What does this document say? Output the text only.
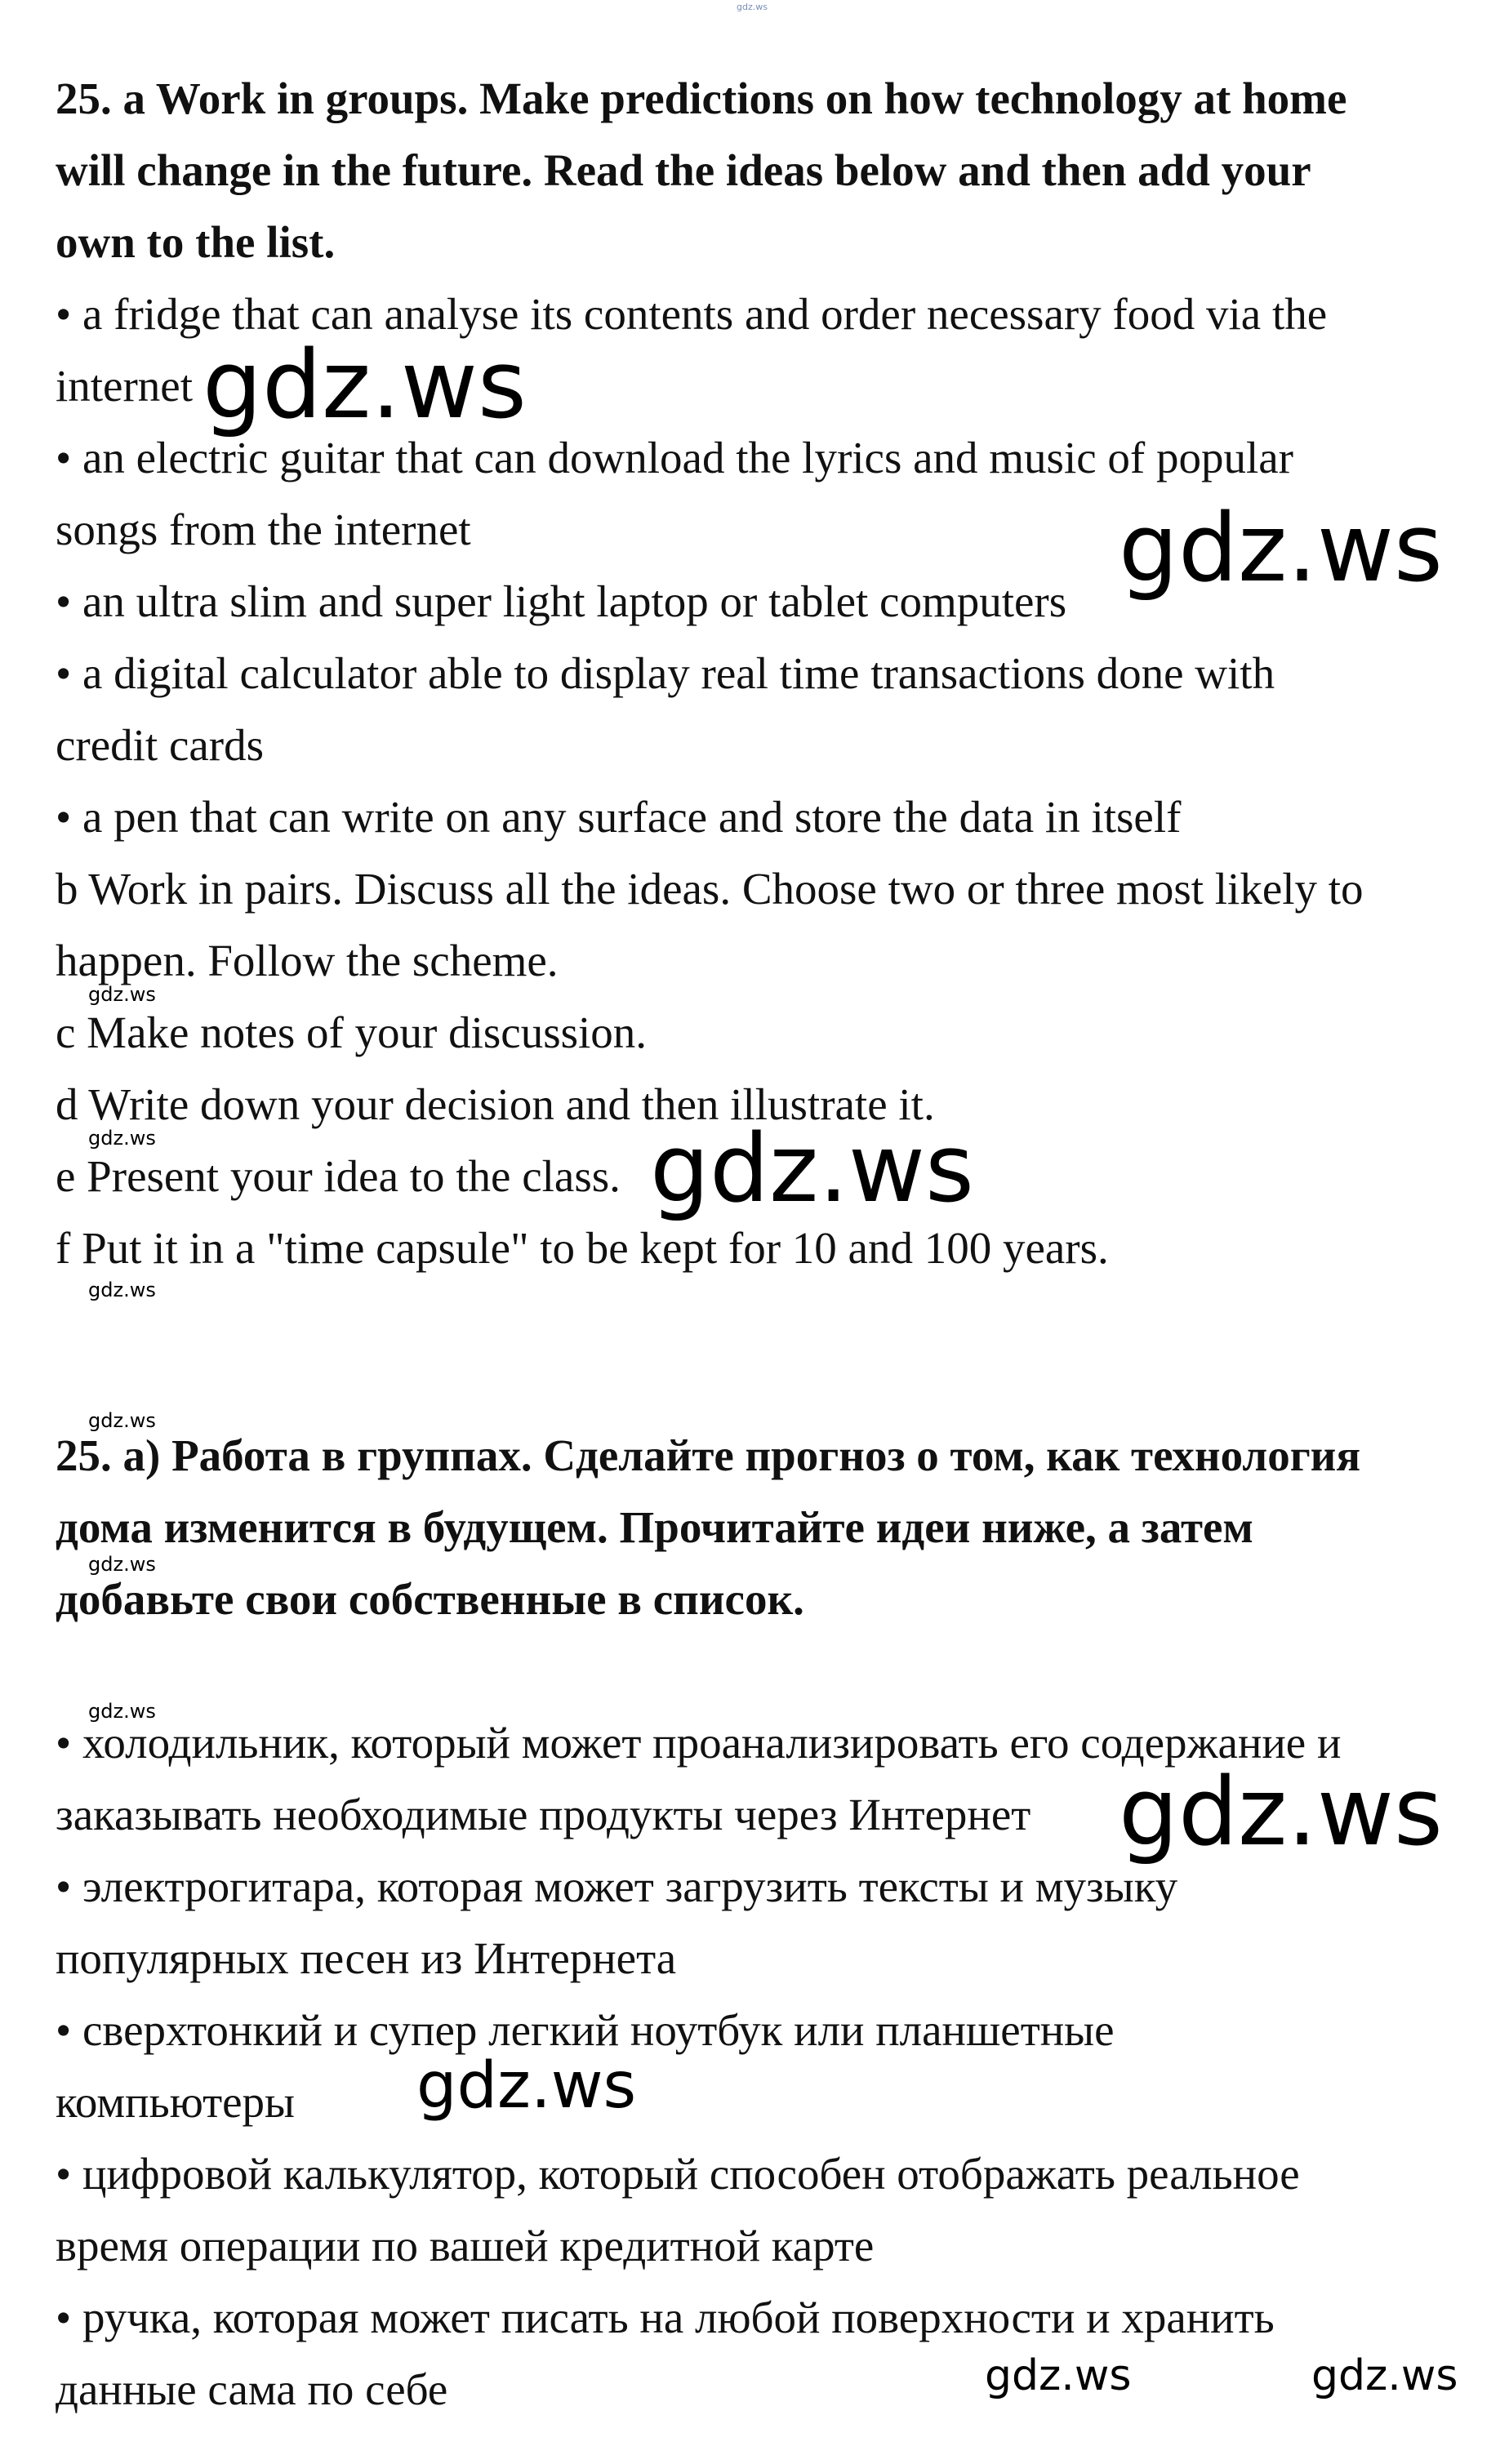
gdz.ws
25. a Work in groups. Make predictions on how technology at home
will change in the future. Read the ideas below and then add your
own to the list.
• a fridge that can analyse its contents and order necessary food via the
internet
• an electric guitar that can download the lyrics and music of popular
songs from the internet
• an ultra slim and super light laptop or tablet computers
• a digital calculator able to display real time transactions done with
credit cards
• a pen that can write on any surface and store the data in itself
b Work in pairs. Discuss all the ideas. Choose two or three most likely to
happen. Follow the scheme.
c Make notes of your discussion.
d Write down your decision and then illustrate it.
e Present your idea to the class.
f Put it in a "time capsule" to be kept for 10 and 100 years.
25. а) Работа в группах. Сделайте прогноз о том, как технология
дома изменится в будущем. Прочитайте идеи ниже, а затем
добавьте свои собственные в список.
• холодильник, который может проанализировать его содержание и
заказывать необходимые продукты через Интернет
• электрогитара, которая может загрузить тексты и музыку
популярных песен из Интернета
• сверхтонкий и супер легкий ноутбук или планшетные
компьютеры
• цифровой калькулятор, который способен отображать реальное
время операции по вашей кредитной карте
• ручка, которая может писать на любой поверхности и хранить
данные сама по себе
gdz.ws
gdz.ws
gdz.ws
gdz.ws
gdz.ws
gdz.ws	gdz.ws
gdz.ws
gdz.ws
gdz.ws
gdz.ws
gdz.ws
gdz.ws
